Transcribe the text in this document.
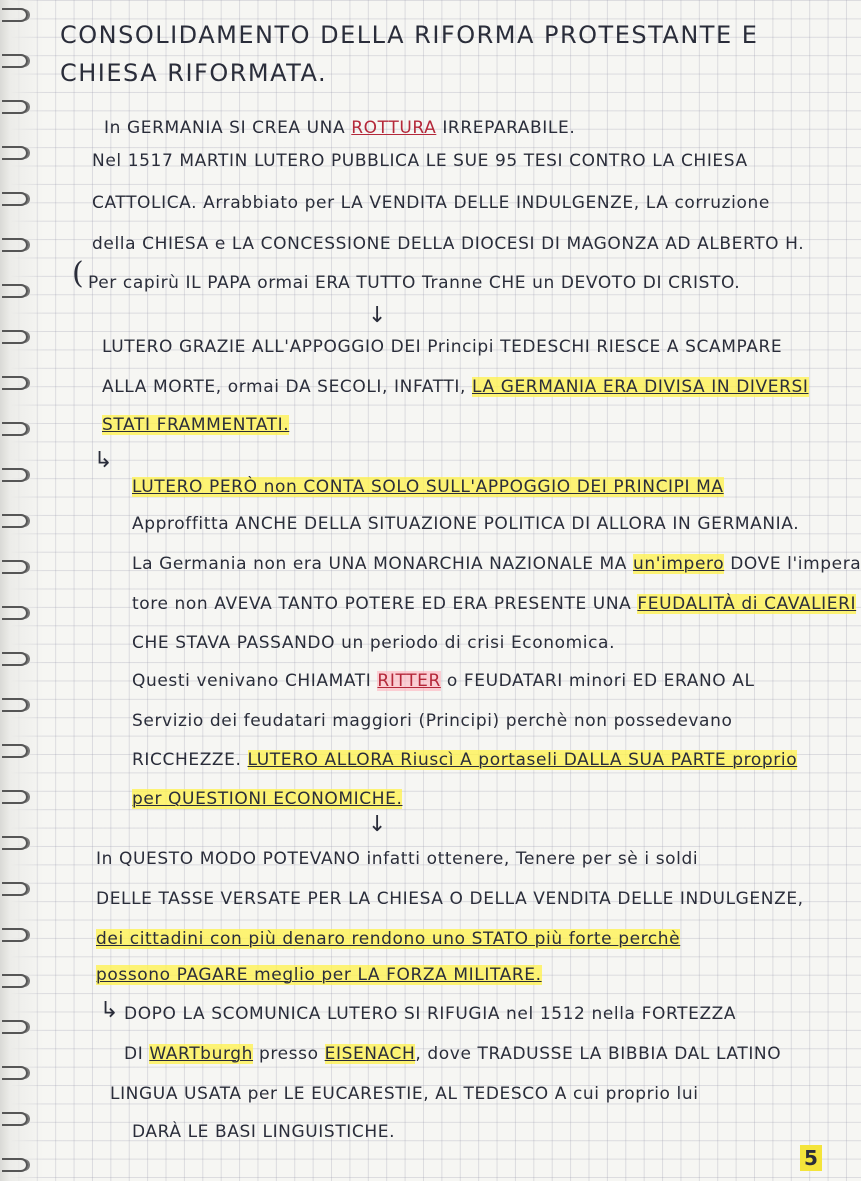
CONSOLIDAMENTO DELLA RIFORMA PROTESTANTE E
CHIESA RIFORMATA.
In GERMANIA SI CREA UNA ROTTURA IRREPARABILE.
Nel 1517 MARTIN LUTERO PUBBLICA LE SUE 95 TESI CONTRO LA CHIESA
CATTOLICA. Arrabbiato per LA VENDITA DELLE INDULGENZE, LA corruzione
della CHIESA e LA CONCESSIONE DELLA DIOCESI DI MAGONZA AD ALBERTO H.
( Per capirù IL PAPA ormai ERA TUTTO Tranne CHE un DEVOTO DI CRISTO.
↓
LUTERO GRAZIE ALL'APPOGGIO DEI Principi TEDESCHI RIESCE A SCAMPARE
ALLA MORTE, ormai DA SECOLI, INFATTI, LA GERMANIA ERA DIVISA IN DIVERSI
STATI FRAMMENTATI.
↳
LUTERO PERÒ non CONTA SOLO SULL'APPOGGIO DEI PRINCIPI MA
Approffitta ANCHE DELLA SITUAZIONE POLITICA DI ALLORA IN GERMANIA.
La Germania non era UNA MONARCHIA NAZIONALE MA un'impero DOVE l'impera
tore non AVEVA TANTO POTERE ED ERA PRESENTE UNA FEUDALITÀ di CAVALIERI
CHE STAVA PASSANDO un periodo di crisi Economica.
Questi venivano CHIAMATI RITTER o FEUDATARI minori ED ERANO AL
Servizio dei feudatari maggiori (Principi) perchè non possedevano
RICCHEZZE. LUTERO ALLORA Riuscì A portaseli DALLA SUA PARTE proprio
per QUESTIONI ECONOMICHE.
↓
In QUESTO MODO POTEVANO infatti ottenere, Tenere per sè i soldi
DELLE TASSE VERSATE PER LA CHIESA O DELLA VENDITA DELLE INDULGENZE,
dei cittadini con più denaro rendono uno STATO più forte perchè
possono PAGARE meglio per LA FORZA MILITARE.
↳ DOPO LA SCOMUNICA LUTERO SI RIFUGIA nel 1512 nella FORTEZZA
DI WARTburgh presso EISENACH, dove TRADUSSE LA BIBBIA DAL LATINO
LINGUA USATA per LE EUCARESTIE, AL TEDESCO A cui proprio lui
DARÀ LE BASI LINGUISTICHE.
5
